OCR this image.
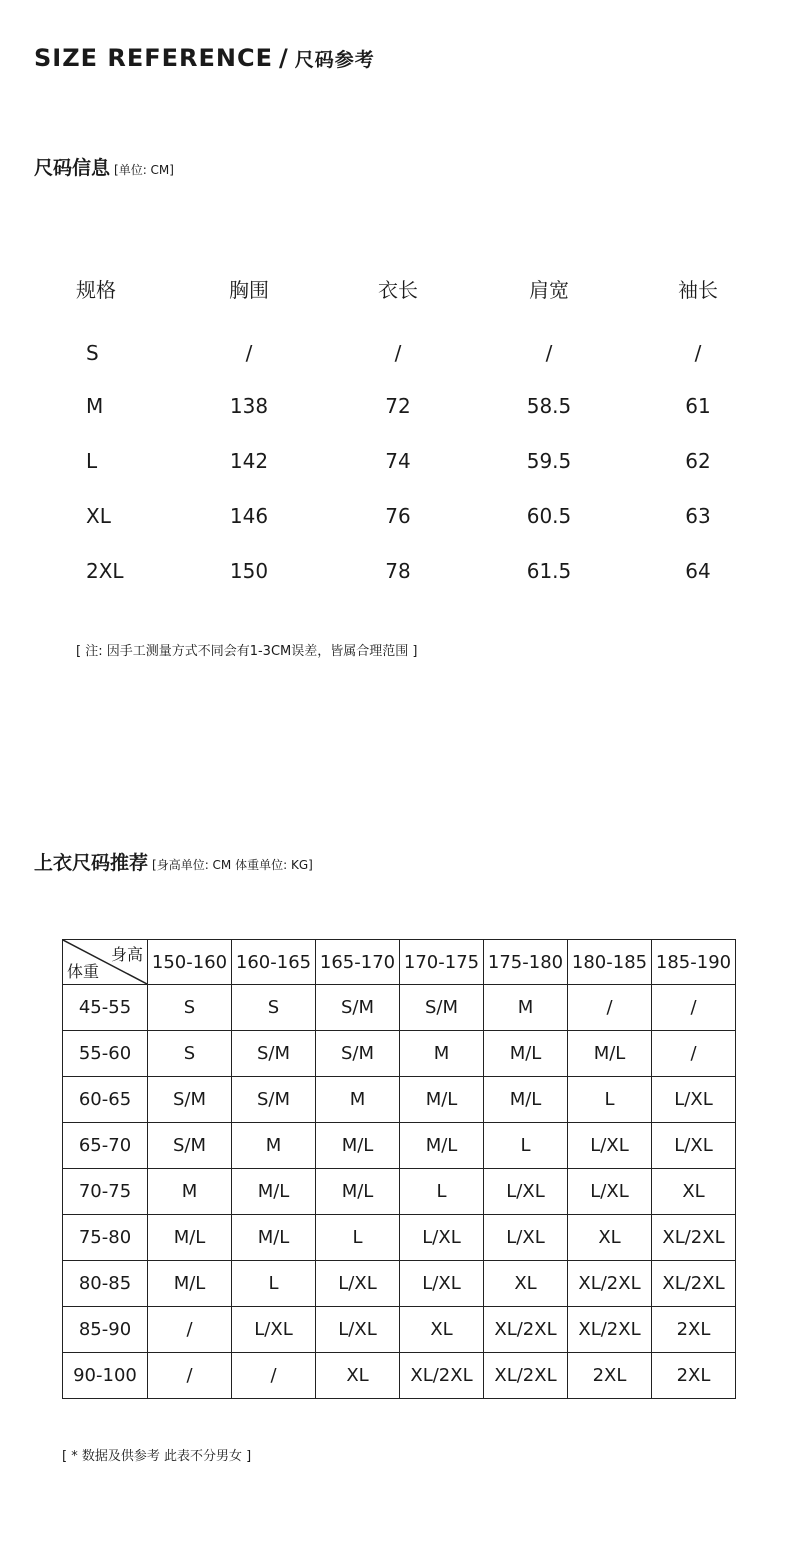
SIZE REFERENCE / 尺码参考
尺码信息 [单位: CM]
规格	胸围	衣长	肩宽	袖长
S	/	/	/	/
M	138	72	58.5	61
L	142	74	59.5	62
XL	146	76	60.5	63
2XL	150	78	61.5	64
[ 注: 因手工测量方式不同会有1-3CM误差，皆属合理范围 ]
上衣尺码推荐 [身高单位: CM 体重单位: KG]
身高
体重	150-160	160-165	165-170	170-175	175-180	180-185	185-190
45-55	S	S	S/M	S/M	M	/	/
55-60	S	S/M	S/M	M	M/L	M/L	/
60-65	S/M	S/M	M	M/L	M/L	L	L/XL
65-70	S/M	M	M/L	M/L	L	L/XL	L/XL
70-75	M	M/L	M/L	L	L/XL	L/XL	XL
75-80	M/L	M/L	L	L/XL	L/XL	XL	XL/2XL
80-85	M/L	L	L/XL	L/XL	XL	XL/2XL	XL/2XL
85-90	/	L/XL	L/XL	XL	XL/2XL	XL/2XL	2XL
90-100	/	/	XL	XL/2XL	XL/2XL	2XL	2XL
[ * 数据及供参考 此表不分男女 ]
